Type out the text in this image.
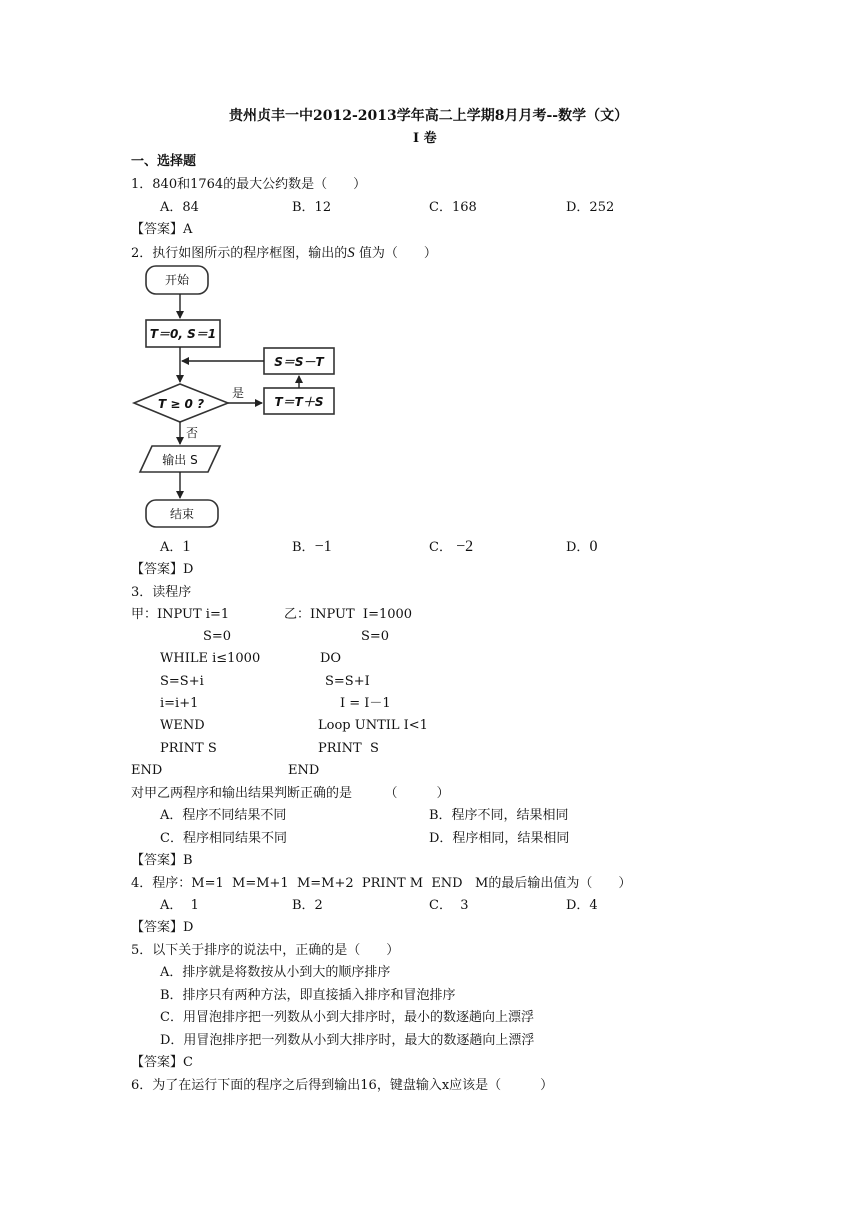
贵州贞丰一中2012-2013学年高二上学期8月月考--数学（文）
I 卷
一、选择题
1．840和1764的最大公约数是（　　）
A．84	B．12	C．168	D．252
【答案】A
2．执行如图所示的程序框图，输出的S 值为（　　）
开始
T＝0, S＝1
T ≥ 0 ?	T＝T＋S
S＝S－T
输出 S
结束
是
否
A．1	B．−1	C． −2	D．0
【答案】D
3．读程序
甲：INPUT i=1	乙：INPUT  I=1000
S=0	S=0
WHILE i≤1000	DO
S=S+i	S=S+I
i=i+1	I = I－1
WEND	Loop UNTIL I<1
PRINT S	PRINT  S
END	END
对甲乙两程序和输出结果判断正确的是　　　（　　　）
A．程序不同结果不同	B．程序不同，结果相同
C．程序相同结果不同	D．程序相同，结果相同
【答案】B
4．程序：M=1  M=M+1  M=M+2  PRINT M  END   M的最后输出值为（　　）
A．  1	B．2	C．  3	D．4
【答案】D
5．以下关于排序的说法中，正确的是（　　）
A．排序就是将数按从小到大的顺序排序
B．排序只有两种方法，即直接插入排序和冒泡排序
C．用冒泡排序把一列数从小到大排序时，最小的数逐趟向上漂浮
D．用冒泡排序把一列数从小到大排序时，最大的数逐趟向上漂浮
【答案】C
6．为了在运行下面的程序之后得到输出16，键盘输入x应该是（　　　）
